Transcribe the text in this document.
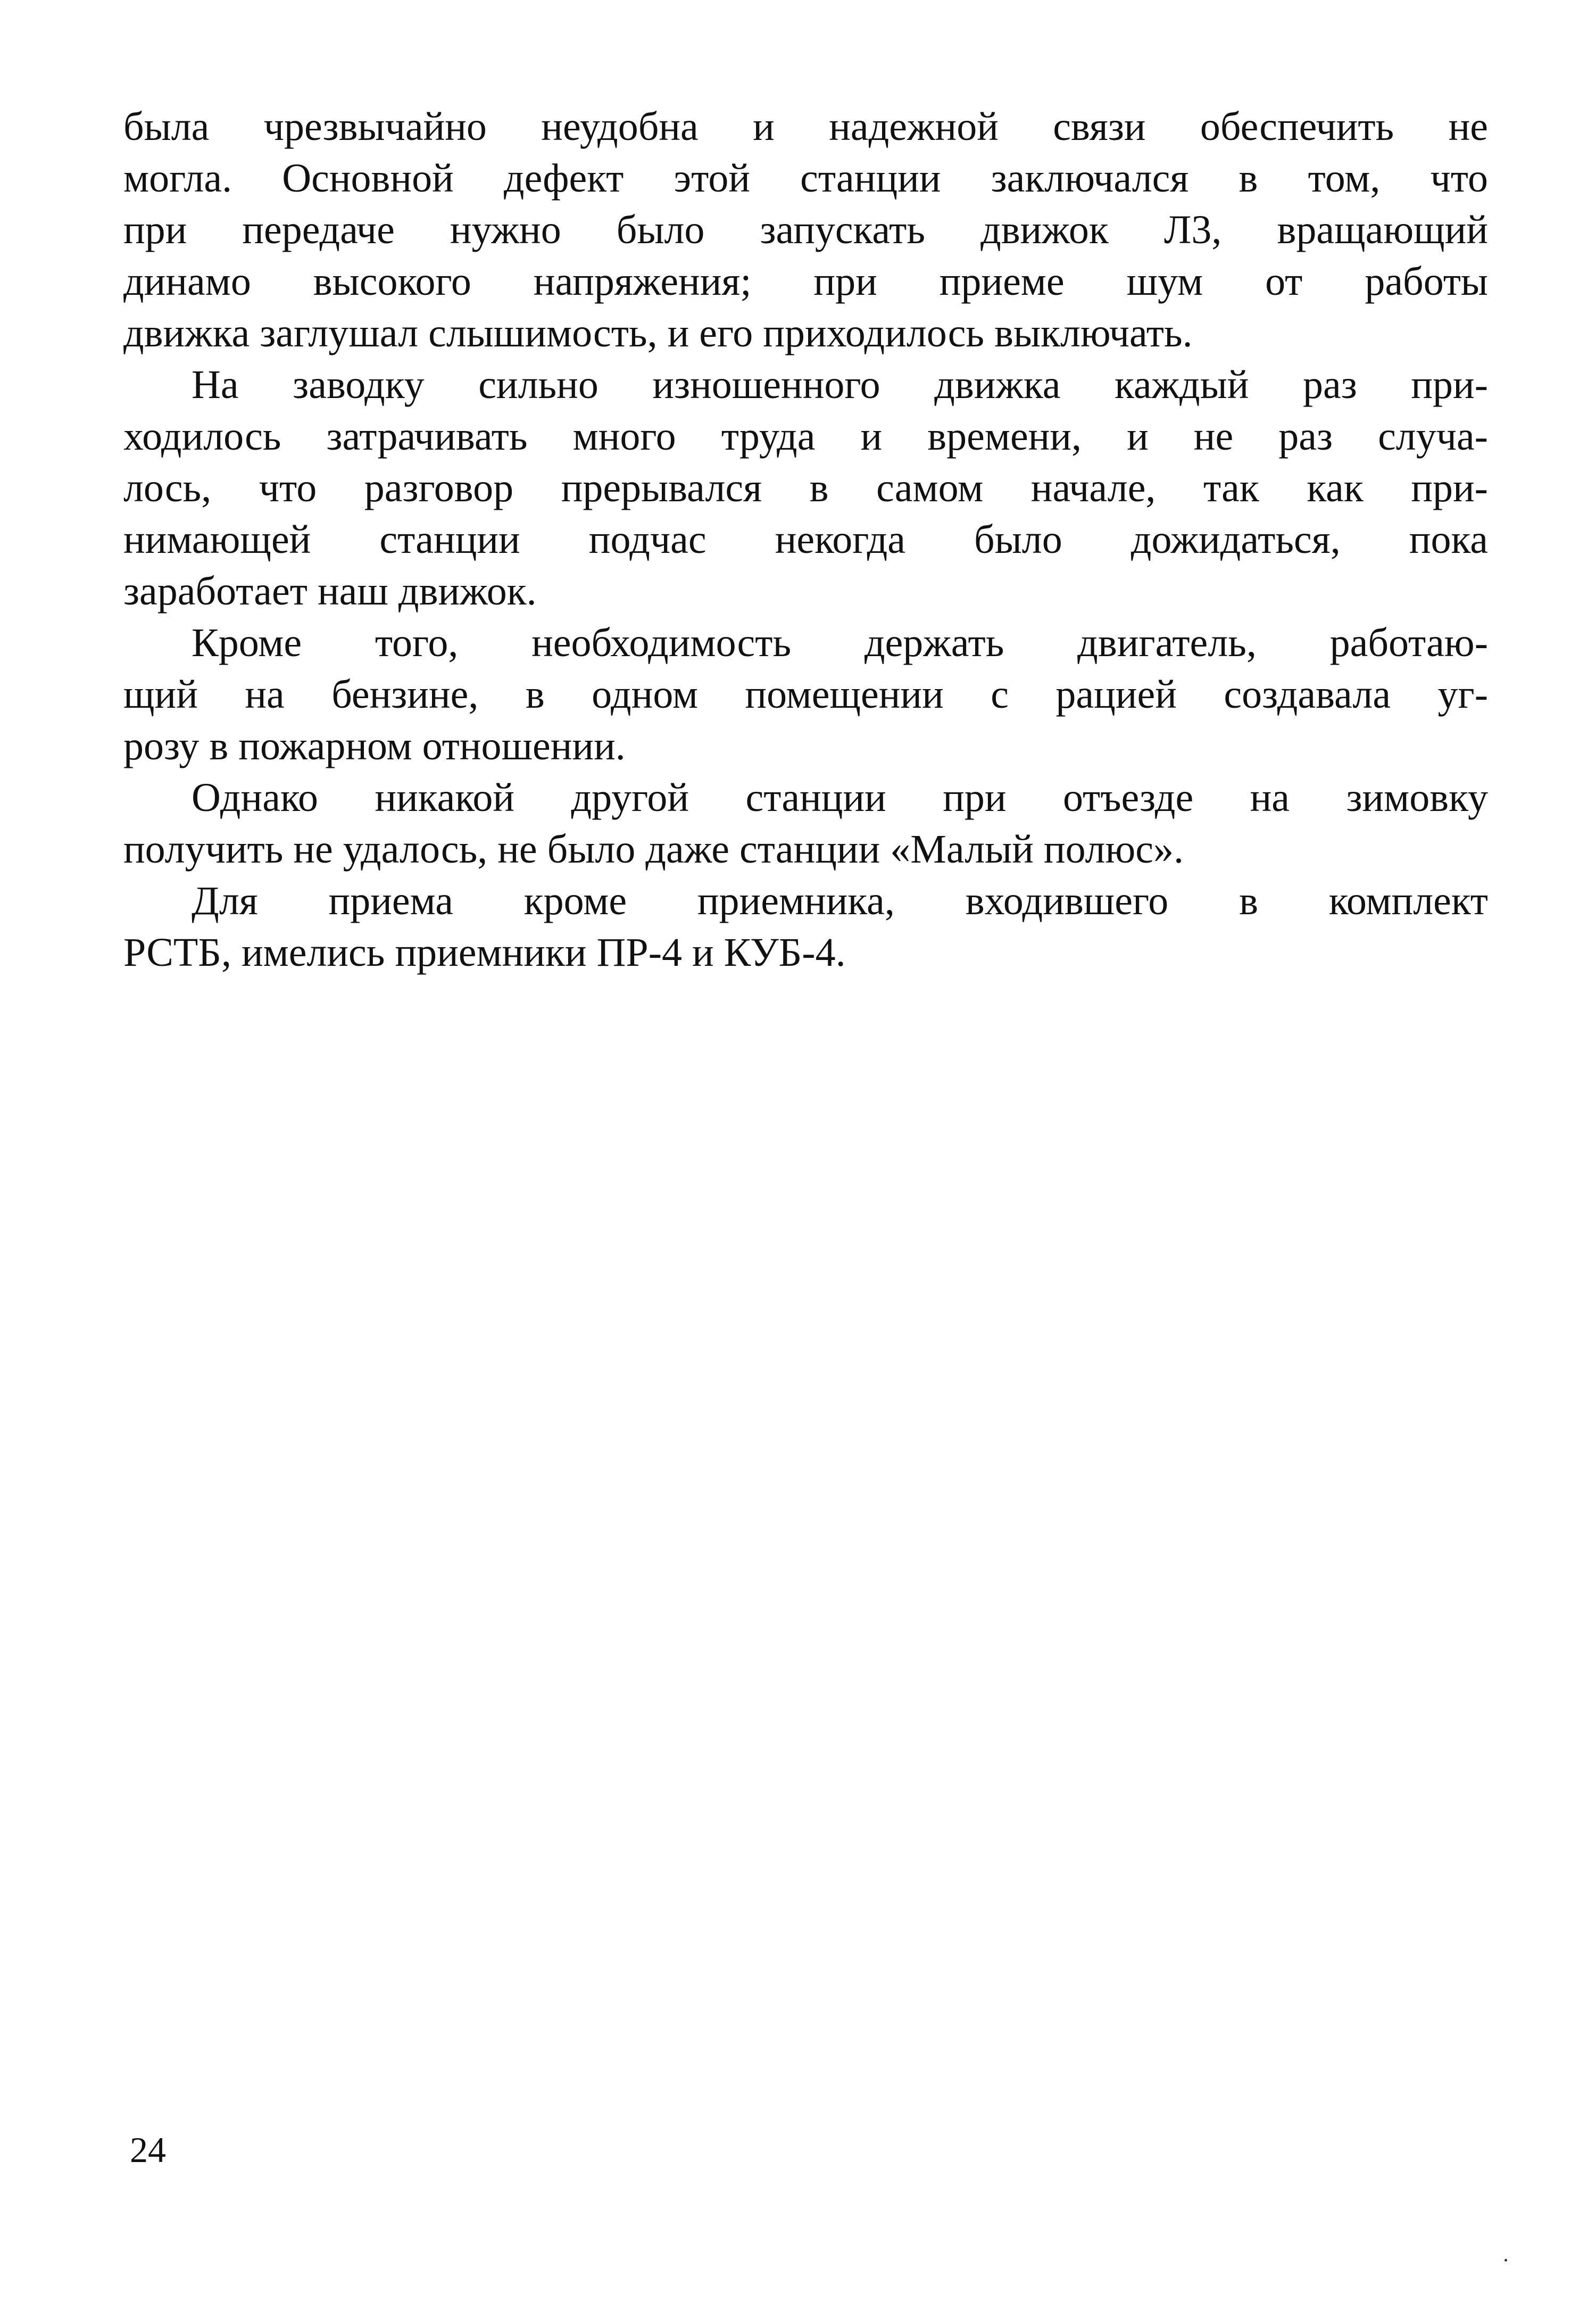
была чрезвычайно неудобна и надежной связи обеспечить не
могла. Основной дефект этой станции заключался в том, что
при передаче нужно было запускать движок Л3, вращающий
динамо высокого напряжения; при приеме шум от работы
движка заглушал слышимость, и его приходилось выключать.
На заводку сильно изношенного движка каждый раз при-
ходилось затрачивать много труда и времени, и не раз случа-
лось, что разговор прерывался в самом начале, так как при-
нимающей станции подчас некогда было дожидаться, пока
заработает наш движок.
Кроме того, необходимость держать двигатель, работаю-
щий на бензине, в одном помещении с рацией создавала уг-
розу в пожарном отношении.
Однако никакой другой станции при отъезде на зимовку
получить не удалось, не было даже станции «Малый полюс».
Для приема кроме приемника, входившего в комплект
РСТБ, имелись приемники ПР-4 и КУБ-4.
24
